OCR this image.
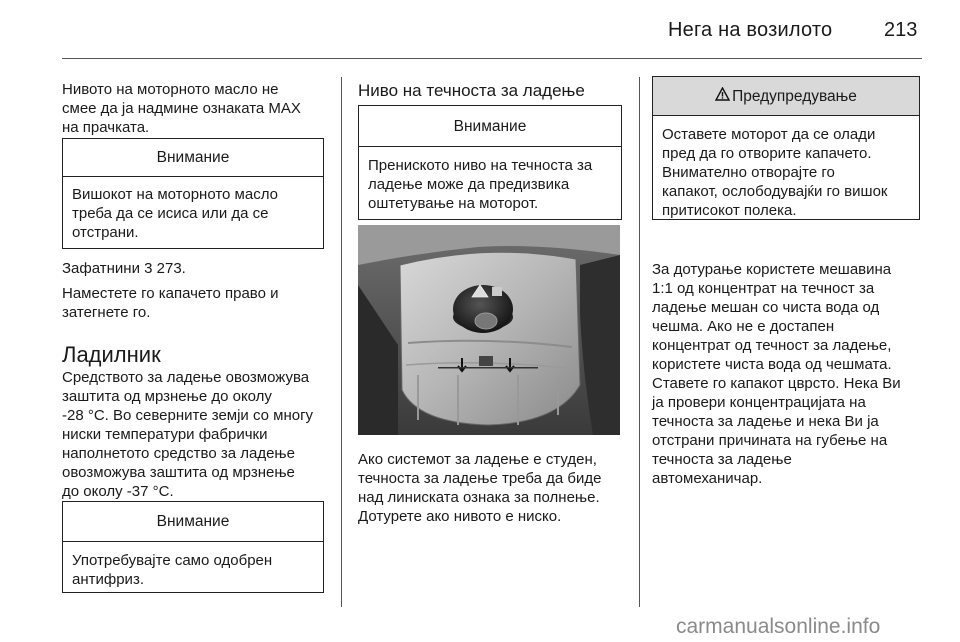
Нега на возилото	213

Нивото на моторното масло не

смее да ја надмине ознаката МАХ

на прачката.

Внимание

Вишокот на моторното масло

треба да се исиса или да се

отстрани.

Зафатнини 3 273.

Наместете го капачето право и

затегнете го.

Ладилник

Средството за ладење овозможува

заштита од мрзнење до околу

-28 °C. Во северните земји со многу

ниски температури фабрички

наполнетото средство за ладење

овозможува заштита од мрзнење

до околу -37 °C.

Внимание

Употребувајте само одобрен

антифриз.

Ниво на течноста за ладење
Внимание

Прениското ниво на течноста за

ладење може да предизвика

оштетување на моторот.

Ако системот за ладење е студен,

течноста за ладење треба да биде

над линиската ознака за полнење.

Дотурете ако нивото е ниско.

Предупредување

Оставете моторот да се олади

пред да го отворите капачето.

Внимателно отворајте го

капакот, ослободувајќи го вишок

притисокот полека.

За дотурање користете мешавина

1:1 од концентрат на течност за

ладење мешан со чиста вода од

чешма. Ако не е достапен

концентрат од течност за ладење,

користете чиста вода од чешмата.

Ставете го капакот цврсто. Нека Ви

ја провери концентрацијата на

течноста за ладење и нека Ви ја

отстрани причината на губење на

течноста за ладење

автомеханичар.

carmanualsonline.info
